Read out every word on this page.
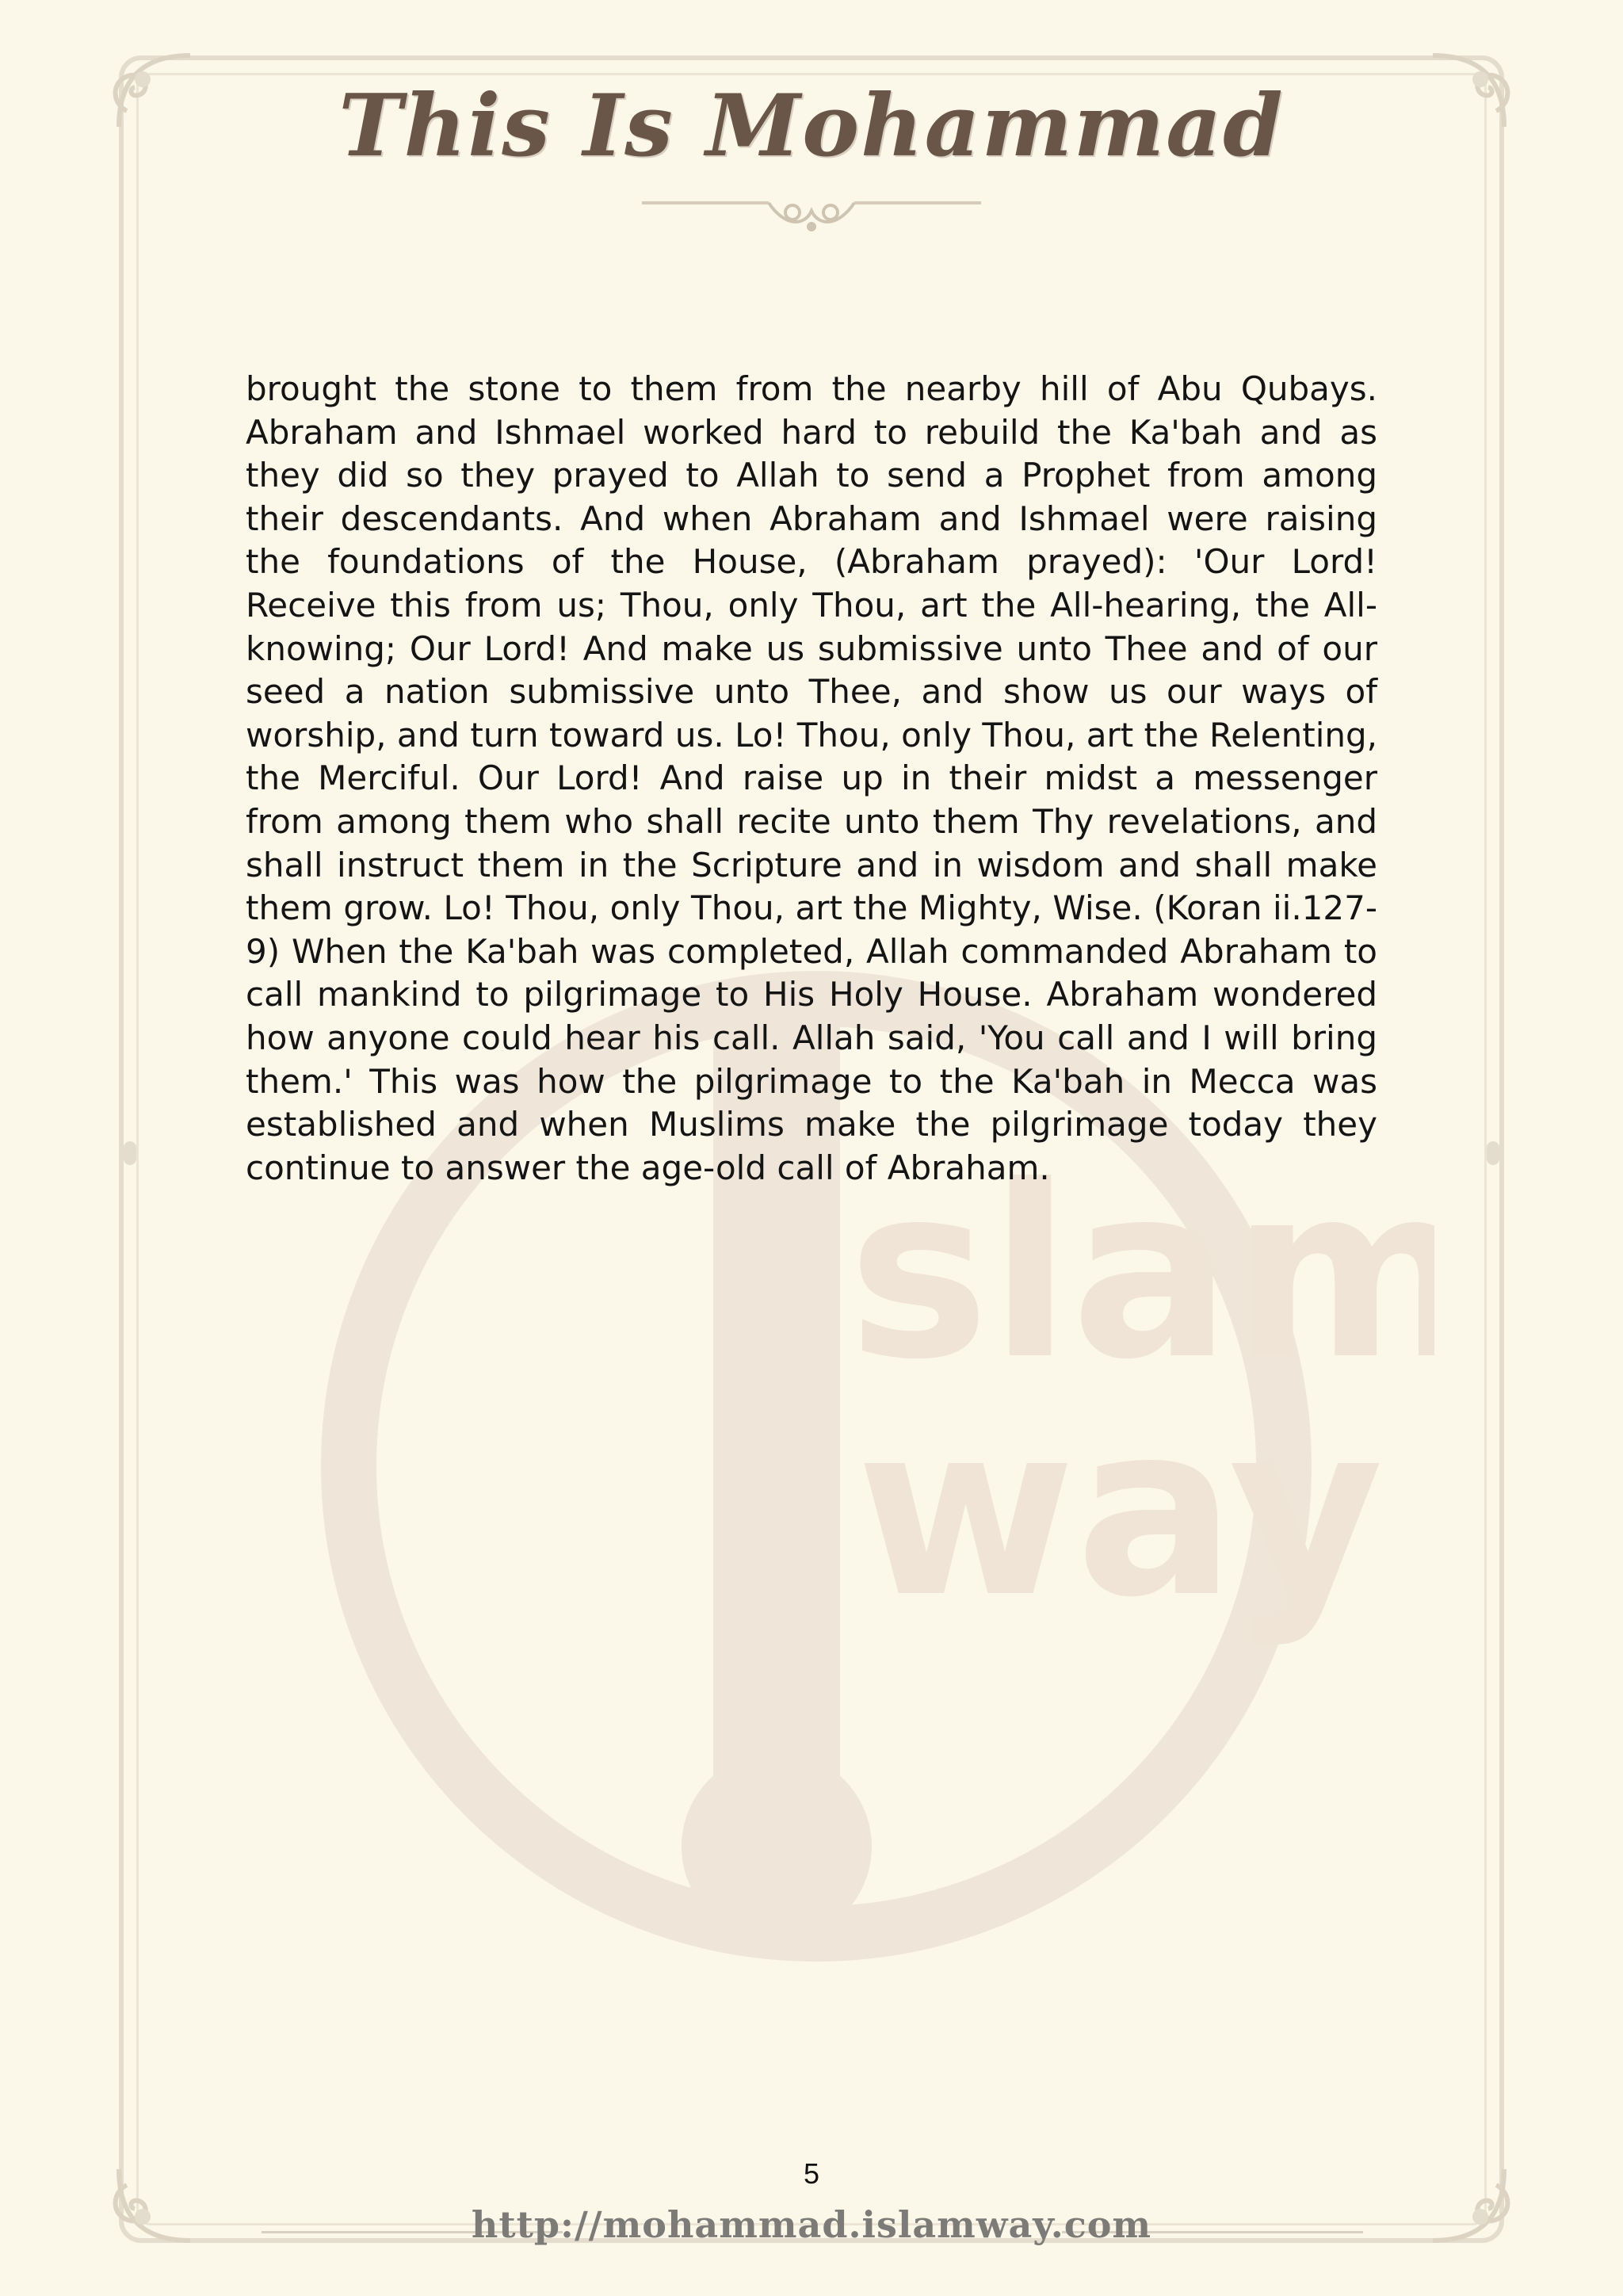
slam
way
This Is Mohammad

brought the stone to them from the nearby hill of Abu Qubays. Abraham and Ishmael worked hard to rebuild the Ka'bah and as they did so they prayed to Allah to send a Prophet from among their descendants. And when Abraham and Ishmael were raising the foundations of the House, (Abraham prayed): 'Our Lord! Receive this from us; Thou, only Thou, art the All-hearing, the All-knowing; Our Lord! And make us submissive unto Thee and of our seed a nation submissive unto Thee, and show us our ways of worship, and turn toward us. Lo! Thou, only Thou, art the Relenting, the Merciful. Our Lord! And raise up in their midst a messenger from among them who shall recite unto them Thy revelations, and shall instruct them in the Scripture and in wisdom and shall make them grow. Lo! Thou, only Thou, art the Mighty, Wise. (Koran ii.127-9) When the Ka'bah was completed, Allah commanded Abraham to call mankind to pilgrimage to His Holy House. Abraham wondered how anyone could hear his call. Allah said, 'You call and I will bring them.' This was how the pilgrimage to the Ka'bah in Mecca was established and when Muslims make the pilgrimage today they continue to answer the age-old call of Abraham.

5
http://mohammad.islamway.com
